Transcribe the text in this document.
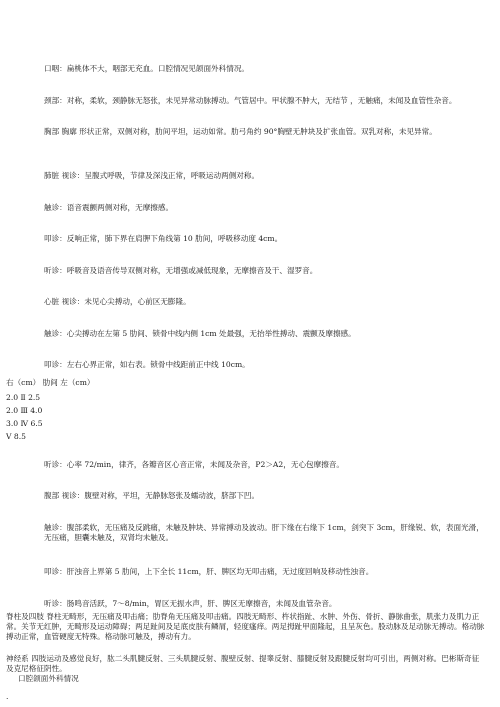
口咽：扁桃体不大，咽部无充血。口腔情况见颌面外科情况。
颈部：对称，柔软，颈静脉无怒张，未见异常动脉搏动。气管居中。甲状腺不肿大，无结节 ，无触痛，未闻及血管性杂音。
胸部 胸廓 形状正常，双侧对称，肋间平坦，运动如常。肋弓角约 90°胸壁无肿块及扩张血管。双乳对称，未见异常。
肺脏 视诊：呈腹式呼吸，节律及深浅正常，呼吸运动两侧对称。
触诊：语音震颤两侧对称，无摩擦感。
叩诊：反响正常，肺下界在肩胛下角线第 10 肋间，呼吸移动度 4cm。
听诊：呼吸音及语音传导双侧对称，无增强或减低现象，无摩擦音及干、湿罗音。
心脏 视诊：未见心尖搏动，心前区无膨隆。
触诊：心尖搏动在左第 5 肋间、锁骨中线内侧 1cm 处最强，无抬举性搏动、震颤及摩擦感。
叩诊：左右心界正常，如右表。锁骨中线距前正中线 10cm。
右（cm） 肋间 左（cm）
2.0 Ⅱ 2.5
2.0 Ⅲ 4.0
3.0 Ⅳ 6.5
Ⅴ 8.5
听诊：心率 72/min，律齐，各瓣音区心音正常，未闻及杂音，P2＞A2，无心包摩擦音。
腹部 视诊：腹壁对称，平坦，无静脉怒张及蠕动波，脐部下凹。
触诊：腹部柔软，无压痛及反跳痛，未触及肿块、异常搏动及波动。肝下缘在右缘下 1cm，剑突下 3cm，肝缘锐、软，表面光滑，无压痛，胆囊未触及，双肾均未触及。
叩诊：肝浊音上界第 5 肋间，上下全长 11cm，肝、脾区均无叩击痛，无过度回响及移动性浊音。
听诊：肠鸣音活跃，7～8/min，胃区无振水声，肝、脾区无摩擦音，未闻及血管杂音。
脊柱及四肢 脊柱无畸形，无压痛及叩击痛；肋脊角无压痛及叩击痛。四肢无畸形、杵状指趾、水肿、外伤、骨折、静脉曲张，肌张力及肌力正常。关节无红肿，无畸形及运动障碍；两足趾间及足底皮肤有鳞屑，轻度瘙痒。两足拇趾甲面隆起，且呈灰色。股动脉及足动脉无搏动。格动脉搏动正常，血管硬度无特殊。格动脉可触及，搏动有力。
神经系 四肢运动及感觉良好，肱二头肌腱反射、三头肌腱反射、腹壁反射、提睾反射、膝腱反射及跟腱反射均可引出，两侧对称。巴彬斯奇征及克尼格征阴性。
口腔颌面外科情况
.
